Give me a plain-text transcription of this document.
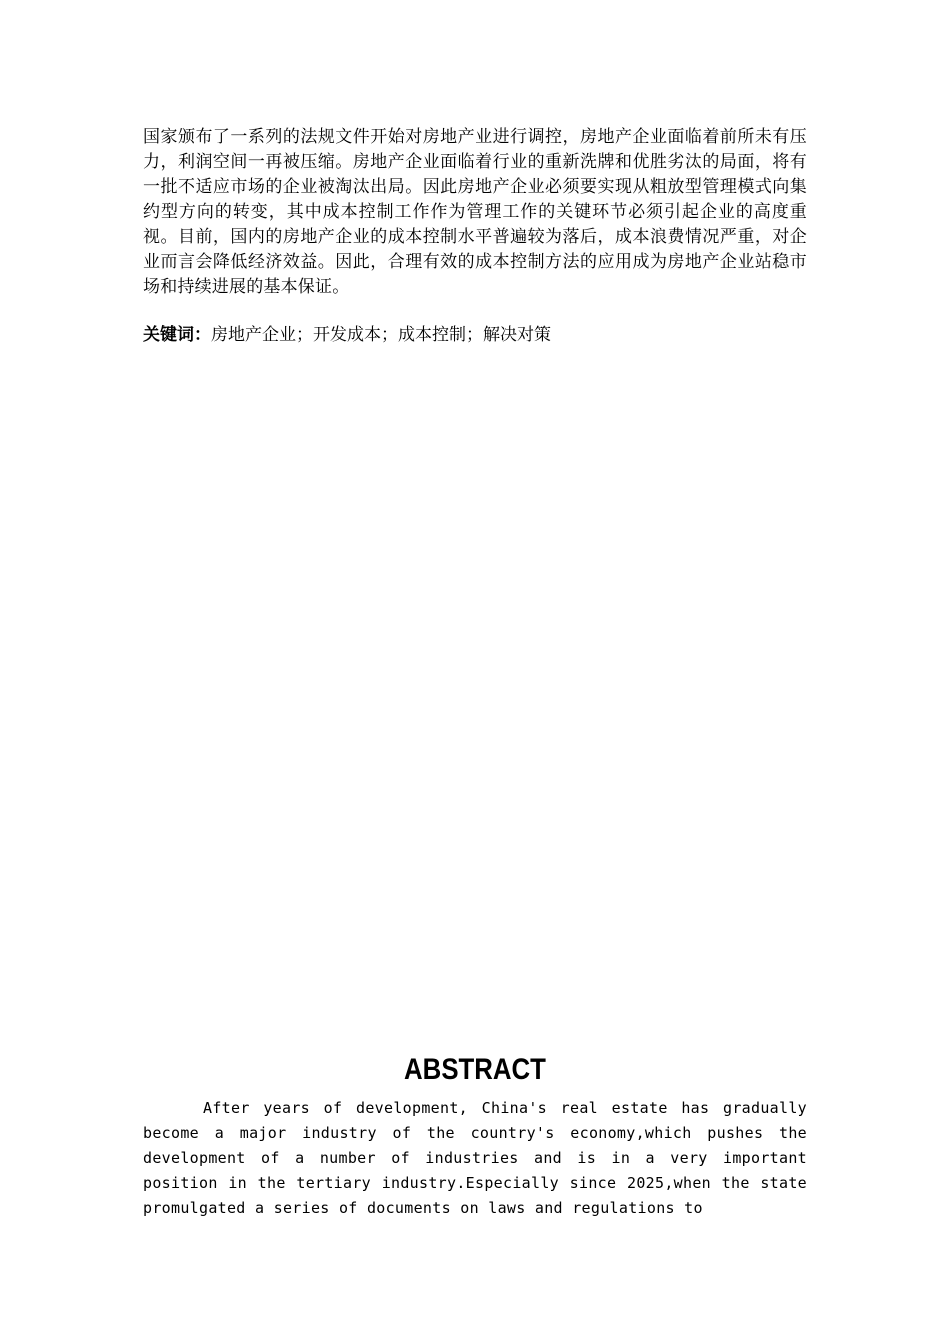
国家颁布了一系列的法规文件开始对房地产业进行调控，房地产企业面临着前所未有压力，利润空间一再被压缩。房地产企业面临着行业的重新洗牌和优胜劣汰的局面，将有一批不适应市场的企业被淘汰出局。因此房地产企业必须要实现从粗放型管理模式向集约型方向的转变，其中成本控制工作作为管理工作的关键环节必须引起企业的高度重视。目前，国内的房地产企业的成本控制水平普遍较为落后，成本浪费情况严重，对企业而言会降低经济效益。因此，合理有效的成本控制方法的应用成为房地产企业站稳市场和持续进展的基本保证。

关键词：房地产企业；开发成本；成本控制；解决对策

ABSTRACT

After years of development, China's real estate has gradually become a major industry of the country's economy,which pushes the development of a number of industries and is in a very important position in the tertiary industry.Especially since 2025,when the state promulgated a series of documents on laws and regulations to
